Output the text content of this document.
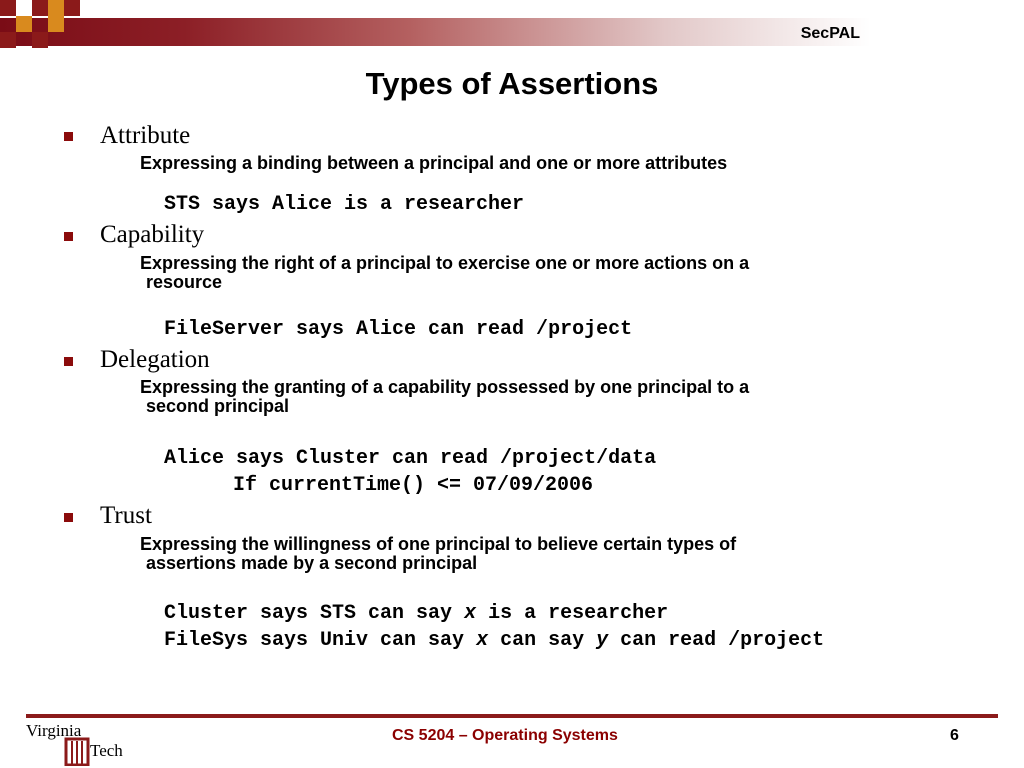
SecPAL
Types of Assertions
Attribute
Expressing a binding between a principal and one or more attributes
STS says Alice is a researcher
Capability
Expressing the right of a principal to exercise one or more actions on a
resource
FileServer says Alice can read /project
Delegation
Expressing the granting of a capability possessed by one principal to a
second principal
Alice says Cluster can read /project/data
If currentTime() <= 07/09/2006
Trust
Expressing the willingness of one principal to believe certain types of
assertions made by a second principal
Cluster says STS can say x is a researcher
FileSys says Univ can say x can say y can read /project
Virginia
Tech
CS 5204 – Operating Systems	6
